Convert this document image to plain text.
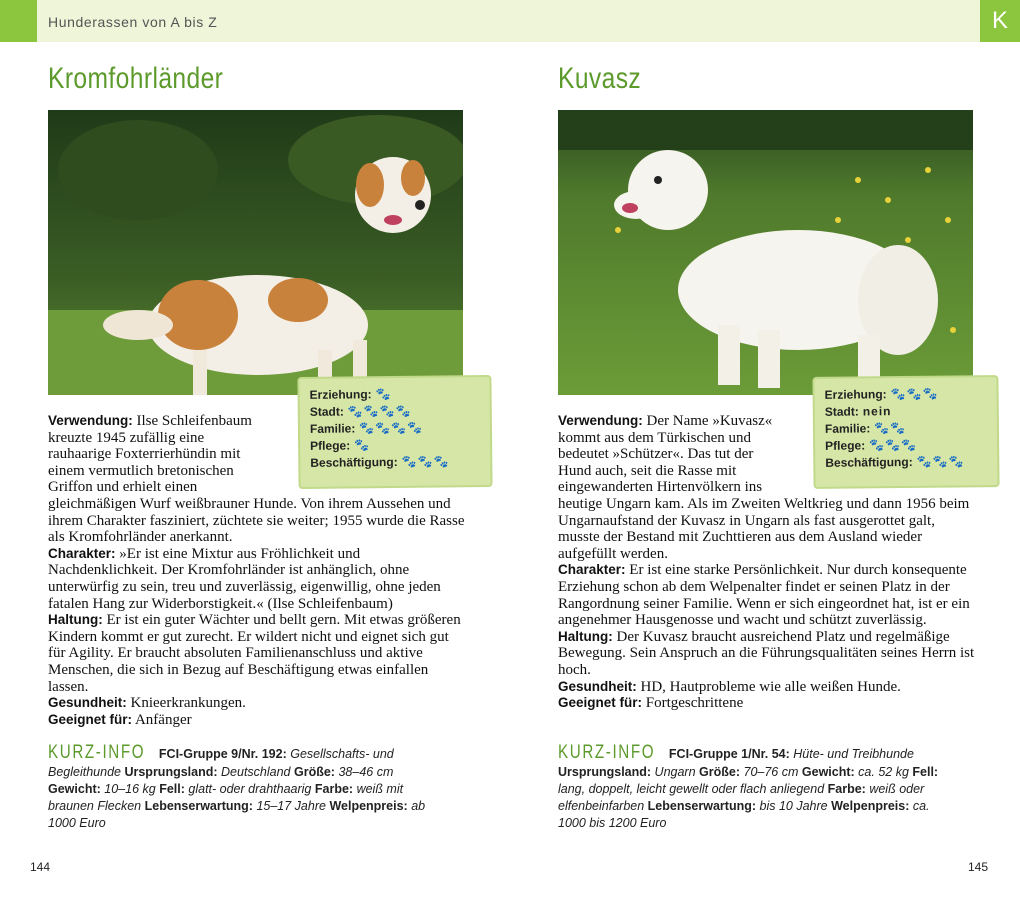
Hunderassen von A bis Z	K
Kromfohrländer
Erziehung: 🐾
Stadt: 🐾🐾🐾🐾
Familie: 🐾🐾🐾🐾
Pflege: 🐾
Beschäftigung: 🐾🐾🐾

Verwendung: Ilse Schleifenbaum kreuzte 1945 zufällig eine rauhaarige Foxterrierhündin mit einem vermutlich bretonischen Griffon und erhielt einen gleichmäßigen Wurf weißbrauner Hunde. Von ihrem Aussehen und ihrem Charakter fasziniert, züchtete sie weiter; 1955 wurde die Rasse als Kromfohrländer anerkannt.

Charakter: »Er ist eine Mixtur aus Fröhlichkeit und Nachdenklichkeit. Der Kromfohrländer ist anhänglich, ohne unterwürfig zu sein, treu und zuverlässig, eigenwillig, ohne jeden fatalen Hang zur Widerborstigkeit.« (Ilse Schleifenbaum)

Haltung: Er ist ein guter Wächter und bellt gern. Mit etwas größeren Kindern kommt er gut zurecht. Er wildert nicht und eignet sich gut für Agility. Er braucht absoluten Familienanschluss und aktive Menschen, die sich in Bezug auf Beschäftigung etwas einfallen lassen.

Gesundheit: Knieerkrankungen.

Geeignet für: Anfänger

KURZ-INFO FCI-Gruppe 9/Nr. 192: Gesellschafts- und Begleithunde Ursprungsland: Deutschland Größe: 38–46 cm Gewicht: 10–16 kg Fell: glatt- oder drahthaarig Farbe: weiß mit braunen Flecken Lebenserwartung: 15–17 Jahre Welpenpreis: ab 1000 Euro
144
Kuvasz
Erziehung: 🐾🐾🐾
Stadt: nein
Familie: 🐾🐾
Pflege: 🐾🐾🐾
Beschäftigung: 🐾🐾🐾

Verwendung: Der Name »Kuvasz« kommt aus dem Türkischen und bedeutet »Schützer«. Das tut der Hund auch, seit die Rasse mit eingewanderten Hirtenvölkern ins heutige Ungarn kam. Als im Zweiten Weltkrieg und dann 1956 beim Ungarnaufstand der Kuvasz in Ungarn als fast ausgerottet galt, musste der Bestand mit Zuchttieren aus dem Ausland wieder aufgefüllt werden.

Charakter: Er ist eine starke Persönlichkeit. Nur durch konsequente Erziehung schon ab dem Welpenalter findet er seinen Platz in der Rangordnung seiner Familie. Wenn er sich eingeordnet hat, ist er ein angenehmer Hausgenosse und wacht und schützt zuverlässig.

Haltung: Der Kuvasz braucht ausreichend Platz und regelmäßige Bewegung. Sein Anspruch an die Führungsqualitäten seines Herrn ist hoch.

Gesundheit: HD, Hautprobleme wie alle weißen Hunde.

Geeignet für: Fortgeschrittene

KURZ-INFO FCI-Gruppe 1/Nr. 54: Hüte- und Treibhunde Ursprungsland: Ungarn Größe: 70–76 cm Gewicht: ca. 52 kg Fell: lang, doppelt, leicht gewellt oder flach anliegend Farbe: weiß oder elfenbeinfarben Lebenserwartung: bis 10 Jahre Welpenpreis: ca. 1000 bis 1200 Euro
145
